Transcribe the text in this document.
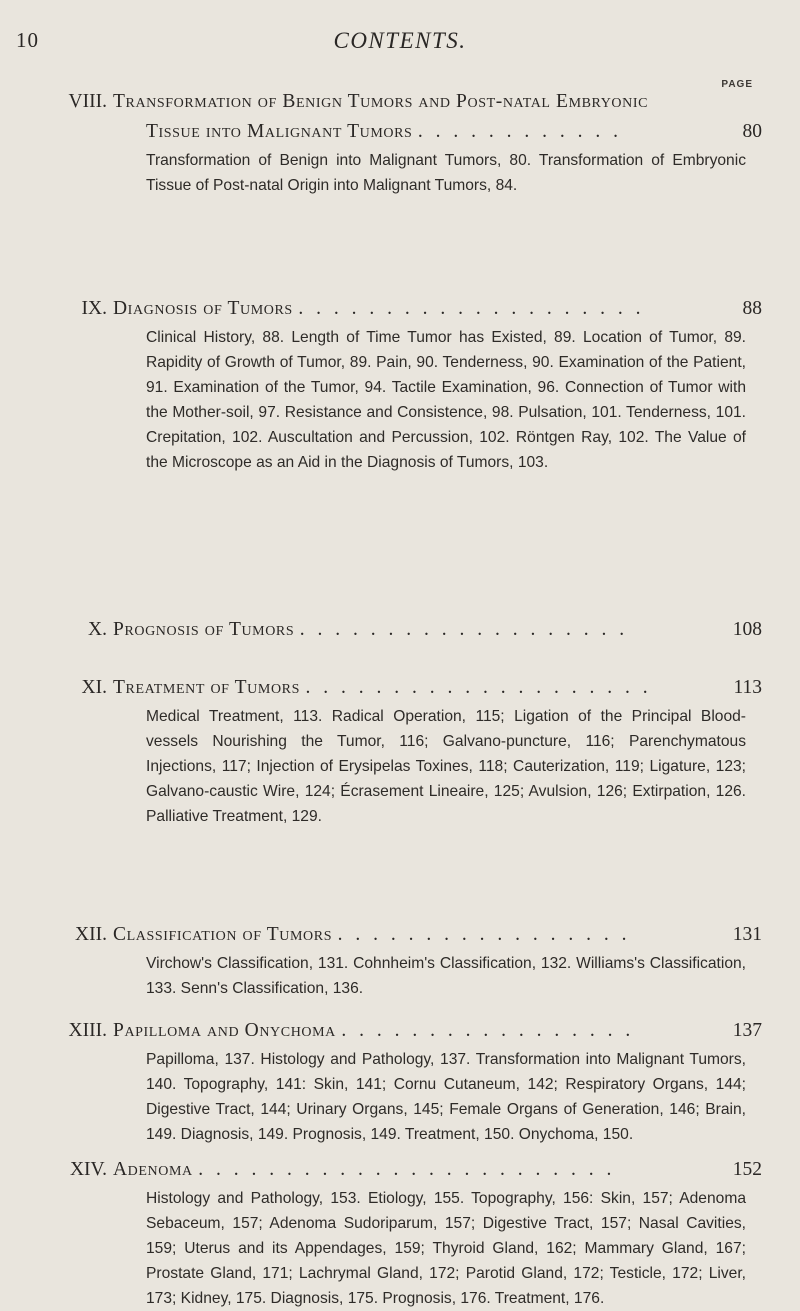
10	CONTENTS.
PAGE
VIII. Transformation of Benign Tumors and Post-natal Embryonic
Tissue into Malignant Tumors . . . . . . . . . . . .	80
Transformation of Benign into Malignant Tumors, 80. Transformation of Embryonic Tissue of Post-natal Origin into Malignant Tumors, 84.
IX. Diagnosis of Tumors . . . . . . . . . . . . . . . . . . . .	88
Clinical History, 88. Length of Time Tumor has Existed, 89. Location of Tumor, 89. Rapidity of Growth of Tumor, 89. Pain, 90. Tenderness, 90. Examination of the Patient, 91. Examination of the Tumor, 94. Tactile Examination, 96. Connection of Tumor with the Mother-soil, 97. Resistance and Consistence, 98. Pulsation, 101. Tenderness, 101. Crepitation, 102. Auscultation and Percussion, 102. Röntgen Ray, 102. The Value of the Microscope as an Aid in the Diagnosis of Tumors, 103.
X. Prognosis of Tumors . . . . . . . . . . . . . . . . . . .	108
XI. Treatment of Tumors . . . . . . . . . . . . . . . . . . . .	113
Medical Treatment, 113. Radical Operation, 115; Ligation of the Principal Blood-vessels Nourishing the Tumor, 116; Galvano-puncture, 116; Parenchymatous Injections, 117; Injection of Erysipelas Toxines, 118; Cauterization, 119; Ligature, 123; Galvano-caustic Wire, 124; Écrasement Lineaire, 125; Avulsion, 126; Extirpation, 126. Palliative Treatment, 129.
XII. Classification of Tumors . . . . . . . . . . . . . . . . .	131
Virchow's Classification, 131. Cohnheim's Classification, 132. Williams's Classification, 133. Senn's Classification, 136.
XIII. Papilloma and Onychoma . . . . . . . . . . . . . . . . .	137
Papilloma, 137. Histology and Pathology, 137. Transformation into Malignant Tumors, 140. Topography, 141: Skin, 141; Cornu Cutaneum, 142; Respiratory Organs, 144; Digestive Tract, 144; Urinary Organs, 145; Female Organs of Generation, 146; Brain, 149. Diagnosis, 149. Prognosis, 149. Treatment, 150. Onychoma, 150.
XIV. Adenoma . . . . . . . . . . . . . . . . . . . . . . . .	152
Histology and Pathology, 153. Etiology, 155. Topography, 156: Skin, 157; Adenoma Sebaceum, 157; Adenoma Sudoriparum, 157; Digestive Tract, 157; Nasal Cavities, 159; Uterus and its Appendages, 159; Thyroid Gland, 162; Mammary Gland, 167; Prostate Gland, 171; Lachrymal Gland, 172; Parotid Gland, 172; Testicle, 172; Liver, 173; Kidney, 175. Diagnosis, 175. Prognosis, 176. Treatment, 176.
